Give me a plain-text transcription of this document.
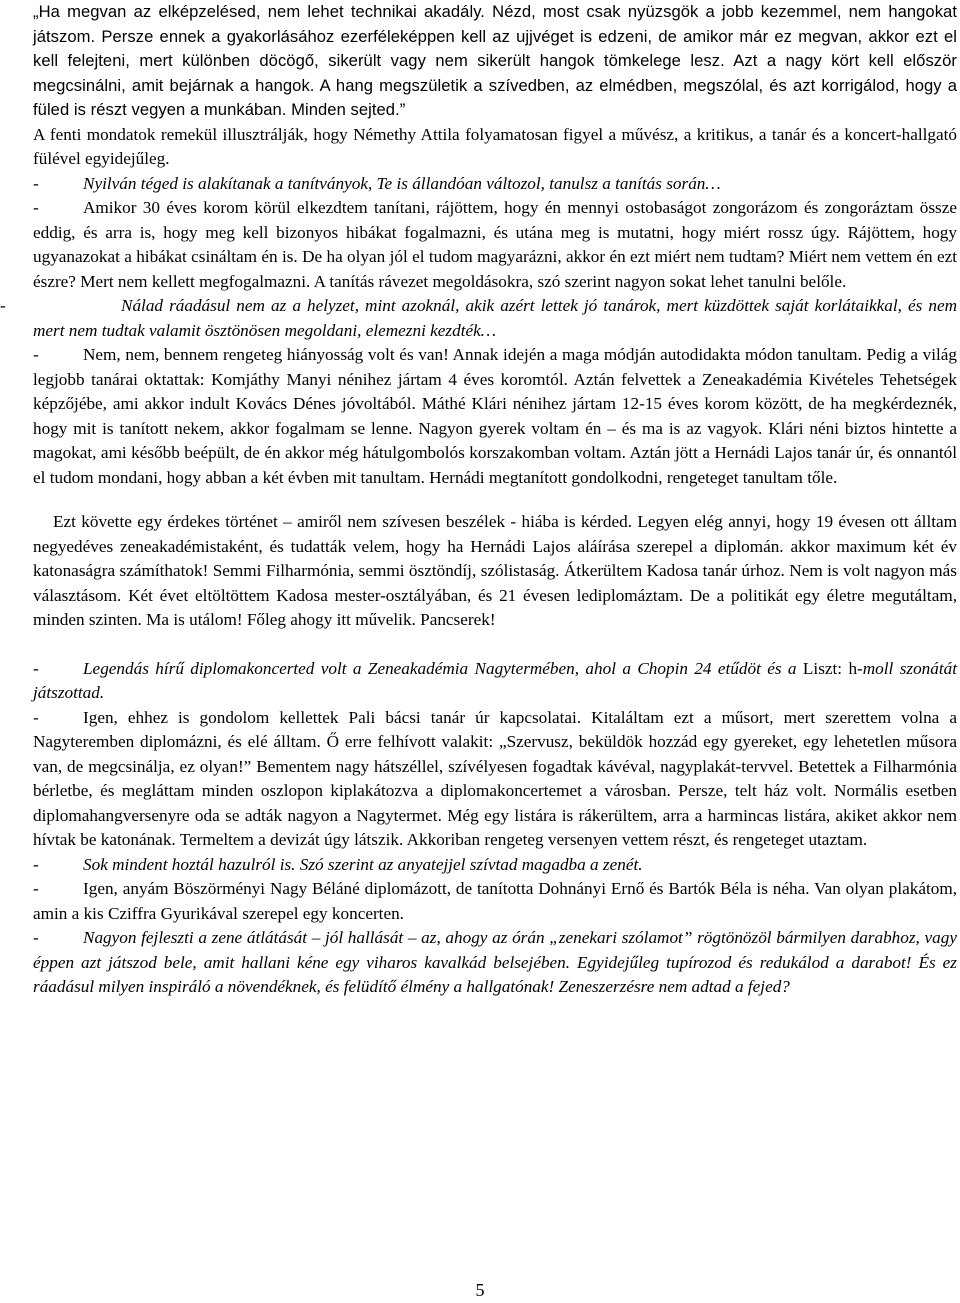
„Ha megvan az elképzelésed, nem lehet technikai akadály. Nézd, most csak nyüzsgök a jobb kezemmel, nem hangokat játszom. Persze ennek a gyakorlásához ezerféleképpen kell az ujjvéget is edzeni, de amikor már ez megvan, akkor ezt el kell felejteni, mert különben döcögő, sikerült vagy nem sikerült hangok tömkelege lesz. Azt a nagy kört kell először megcsinálni, amit bejárnak a hangok. A hang megszületik a szívedben, az elmédben, megszólal, és azt korrigálod, hogy a füled is részt vegyen a munkában. Minden sejted.”

A fenti mondatok remekül illusztrálják, hogy Némethy Attila folyamatosan figyel a művész, a kritikus, a tanár és a koncert-hallgató fülével egyidejűleg.

-	Nyilván téged is alakítanak a tanítványok, Te is állandóan változol, tanulsz a tanítás során…

-	Amikor 30 éves korom körül elkezdtem tanítani, rájöttem, hogy én mennyi ostobaságot zongorázom és zongoráztam össze eddig, és arra is, hogy meg kell bizonyos hibákat fogalmazni, és utána meg is mutatni, hogy miért rossz úgy. Rájöttem, hogy ugyanazokat a hibákat csináltam én is. De ha olyan jól el tudom magyarázni, akkor én ezt miért nem tudtam? Miért nem vettem én ezt észre? Mert nem kellett megfogalmazni. A tanítás rávezet megoldásokra, szó szerint nagyon sokat lehet tanulni belőle.

-	Nálad ráadásul nem az a helyzet, mint azoknál, akik azért lettek jó tanárok, mert küzdöttek saját korlátaikkal, és nem mert nem tudtak valamit ösztönösen megoldani, elemezni kezdték…

-	Nem, nem, bennem rengeteg hiányosság volt és van! Annak idején a maga módján autodidakta módon tanultam. Pedig a világ legjobb tanárai oktattak: Komjáthy Manyi nénihez jártam 4 éves koromtól. Aztán felvettek a Zeneakadémia Kivételes Tehetségek képzőjébe, ami akkor indult Kovács Dénes jóvoltából. Máthé Klári nénihez jártam 12-15 éves korom között, de ha megkérdeznék, hogy mit is tanított nekem, akkor fogalmam se lenne. Nagyon gyerek voltam én – és ma is az vagyok. Klári néni biztos hintette a magokat, ami később beépült, de én akkor még hátulgombolós korszakomban voltam. Aztán jött a Hernádi Lajos tanár úr, és onnantól el tudom mondani, hogy abban a két évben mit tanultam. Hernádi megtanított gondolkodni, rengeteget tanultam tőle.

Ezt követte egy érdekes történet – amiről nem szívesen beszélek - hiába is kérded. Legyen elég annyi, hogy 19 évesen ott álltam negyedéves zeneakadémistaként, és tudatták velem, hogy ha Hernádi Lajos aláírása szerepel a diplomán. akkor maximum két év katonaságra számíthatok! Semmi Filharmónia, semmi ösztöndíj, szólistaság. Átkerültem Kadosa tanár úrhoz. Nem is volt nagyon más választásom. Két évet eltöltöttem Kadosa mester-osztályában, és 21 évesen lediplomáztam. De a politikát egy életre megutáltam, minden szinten. Ma is utálom! Főleg ahogy itt művelik. Pancserek!

-	Legendás hírű diplomakoncerted volt a Zeneakadémia Nagytermében, ahol a Chopin 24 etűdöt és a Liszt: h-moll szonátát játszottad.

-	Igen, ehhez is gondolom kellettek Pali bácsi tanár úr kapcsolatai. Kitaláltam ezt a műsort, mert szerettem volna a Nagyteremben diplomázni, és elé álltam. Ő erre felhívott valakit: „Szervusz, beküldök hozzád egy gyereket, egy lehetetlen műsora van, de megcsinálja, ez olyan!” Bementem nagy hátszéllel, szívélyesen fogadtak kávéval, nagyplakát-tervvel. Betettek a Filharmónia bérletbe, és megláttam minden oszlopon kiplakátozva a diplomakoncertemet a városban. Persze, telt ház volt. Normális esetben diplomahangversenyre oda se adták nagyon a Nagytermet. Még egy listára is rákerültem, arra a harmincas listára, akiket akkor nem hívtak be katonának. Termeltem a devizát úgy látszik. Akkoriban rengeteg versenyen vettem részt, és rengeteget utaztam.

-	Sok mindent hoztál hazulról is. Szó szerint az anyatejjel szívtad magadba a zenét.

-	Igen, anyám Böszörményi Nagy Béláné diplomázott, de tanította Dohnányi Ernő és Bartók Béla is néha. Van olyan plakátom, amin a kis Cziffra Gyurikával szerepel egy koncerten.

-	Nagyon fejleszti a zene átlátását – jól hallását – az, ahogy az órán „zenekari szólamot” rögtönözöl bármilyen darabhoz, vagy éppen azt játszod bele, amit hallani kéne egy viharos kavalkád belsejében. Egyidejűleg tupírozod és redukálod a darabot! És ez ráadásul milyen inspiráló a növendéknek, és felüdítő élmény a hallgatónak! Zeneszerzésre nem adtad a fejed?

5
